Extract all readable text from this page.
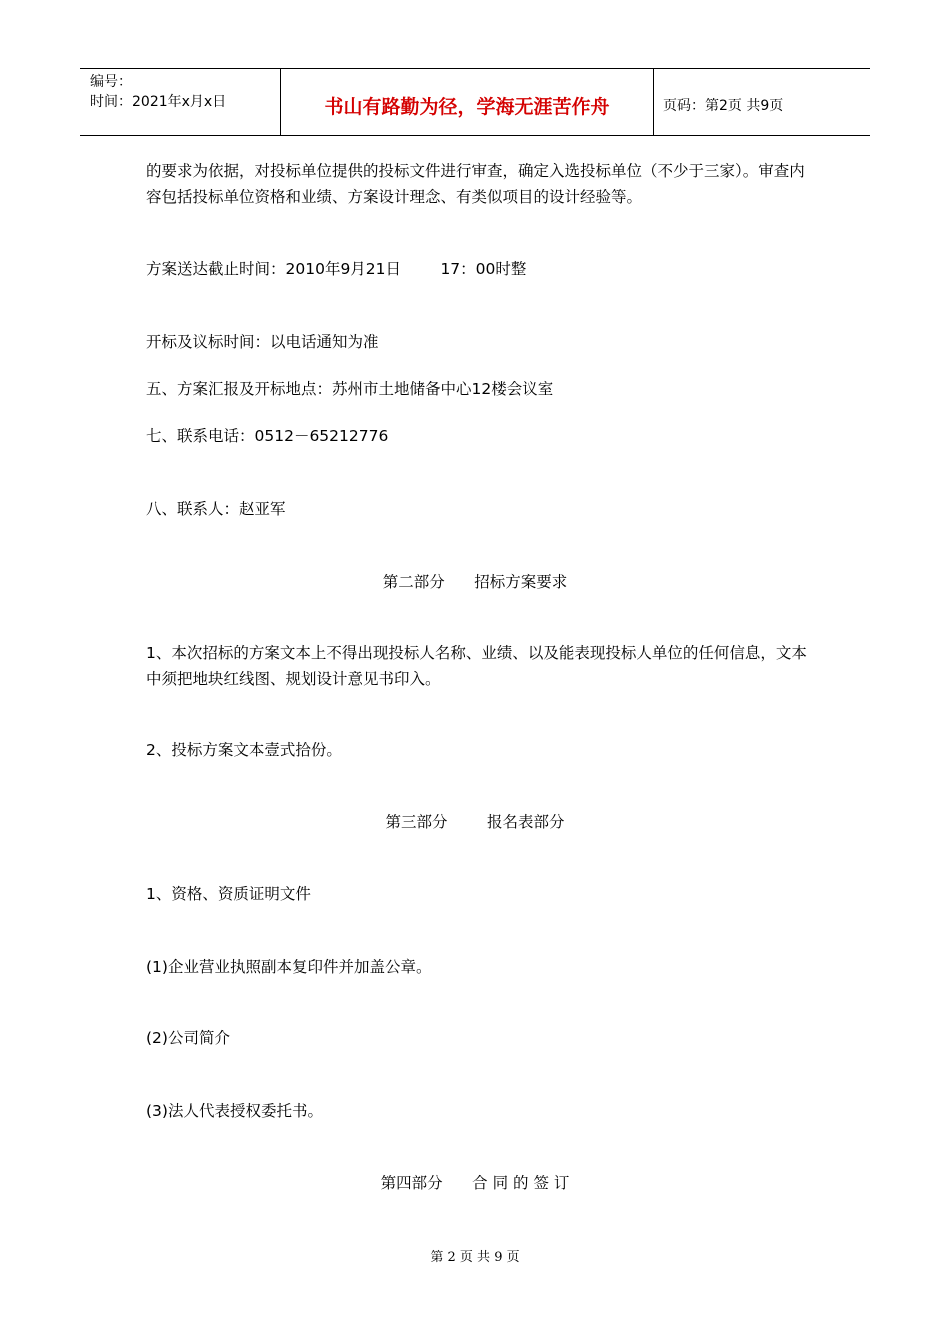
编号：
时间：2021年x月x日	书山有路勤为径，学海无涯苦作舟	页码：第2页 共9页
的要求为依据，对投标单位提供的投标文件进行审查，确定入选投标单位（不少于三家）。审查内容包括投标单位资格和业绩、方案设计理念、有类似项目的设计经验等。
方案送达截止时间：2010年9月21日        17：00时整
开标及议标时间：以电话通知为准
五、方案汇报及开标地点：苏州市土地储备中心12楼会议室
七、联系电话：0512－65212776
八、联系人：赵亚军
第二部分      招标方案要求
1、本次招标的方案文本上不得出现投标人名称、业绩、以及能表现投标人单位的任何信息，文本中须把地块红线图、规划设计意见书印入。
2、投标方案文本壹式拾份。
第三部分        报名表部分
1、资格、资质证明文件
(1)企业营业执照副本复印件并加盖公章。
(2)公司简介
(3)法人代表授权委托书。
第四部分      合 同 的 签 订
第 2 页 共 9 页
